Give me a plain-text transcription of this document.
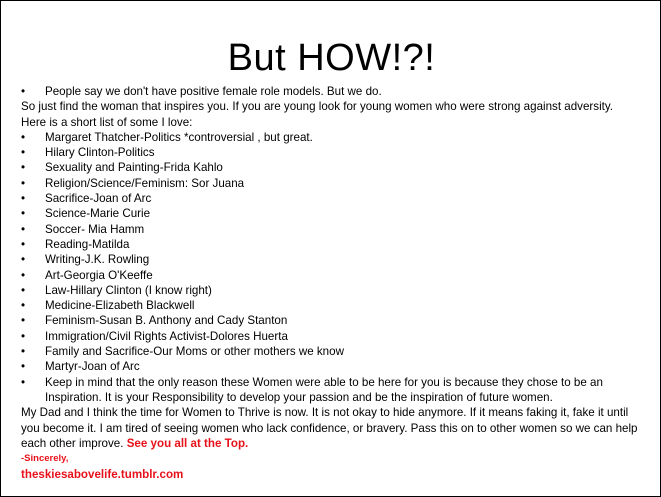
But HOW!?!
•	People say we don't have positive female role models. But we do.
So just find the woman that inspires you. If you are young look for young women who were strong against adversity. Here is a short list of some I love:
•	Margaret Thatcher-Politics *controversial , but great.
•	Hilary Clinton-Politics
•	Sexuality and Painting-Frida Kahlo
•	Religion/Science/Feminism: Sor Juana
•	Sacrifice-Joan of Arc
•	Science-Marie Curie
•	Soccer- Mia Hamm
•	Reading-Matilda
•	Writing-J.K. Rowling
•	Art-Georgia O'Keeffe
•	Law-Hillary Clinton (I know right)
•	Medicine-Elizabeth Blackwell
•	Feminism-Susan B. Anthony and Cady Stanton
•	Immigration/Civil Rights Activist-Dolores Huerta
•	Family and Sacrifice-Our Moms or other mothers we know
•	Martyr-Joan of Arc
•	Keep in mind that the only reason these Women were able to be here for you is because they chose to be an Inspiration. It is your Responsibility to develop your passion and be the inspiration of future women.
My Dad and I think the time for Women to Thrive is now. It is not okay to hide anymore. If it means faking it, fake it until you become it. I am tired of seeing women who lack confidence, or bravery. Pass this on to other women so we can help each other improve. See you all at the Top.
-Sincerely,
theskiesabovelife.tumblr.com
